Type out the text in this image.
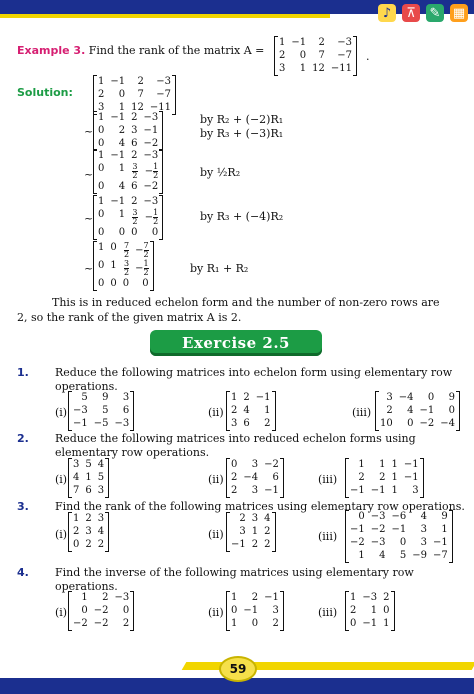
♪	⊼	✎ ▦
Example 3. Find the rank of the matrix A =
1 −1	2	−3
2	0	7	−7
3	1 12 −11
.
Solution:
1 −1	2	−3
2	0	7	−7
3	1 12 −11
~
1 −1 2 −3
0	2 3 −1
0	4 6 −2
by R₂ + (−2)R₁
by R₃ + (−3)R₁
~
1 −1 2 −3
0	$1 \frac{3}{2} - \frac{1}{2}$
0	4 6 −2
by ½R₂
~
1 −1 2 −3
0	$1 \frac{3}{2} - \frac{1}{2}$
0	0 0	0
by R₃ + (−4)R₂
~
1 $0 \frac{7}{2} - \frac{7}{2}$
0 $1 \frac{3}{2} - \frac{1}{2}$
0 0 0	0
by R₁ + R₂
This is in reduced echelon form and the number of non-zero rows are
2, so the rank of the given matrix A is 2.
Exercise 2.5
1. Reduce the following matrices into echelon form using elementary row
operations.
(i)
5	9	3
−3	5	6
−1 −5 −3
(ii)
1 2 −1
2 4	1
3 6	2
(iii)
3 −4	0	9
2	4 −1	0
10	0 −2 −4
2. Reduce the following matrices into reduced echelon forms using
elementary row operations.
(i)
3 5 4
4 1 5
7 6 3
(ii)
0	3 −2
2 −4	6
2	3 −1
(iii)
1	1 1 −1
2	2 1 −1
−1 −1 1	3
3. Find the rank of the following matrices using elementary row operations.
(i)
1 2 3
2 3 4
0 2 2
(ii)
2 3 4
3 1 2
−1 2 2
(iii)
0 −3 −6	4	9
−1 −2 −1	3	1
−2 −3	0	3 −1
1	4	5 −9 −7
4. Find the inverse of the following matrices using elementary row
operations.
(i)
1	2 −3
0 −2	0
−2 −2	2
(ii)
1	2 −1
0 −1	3
1	0	2
(iii)
1 −3 2
2	1 0
0 −1 1
59
